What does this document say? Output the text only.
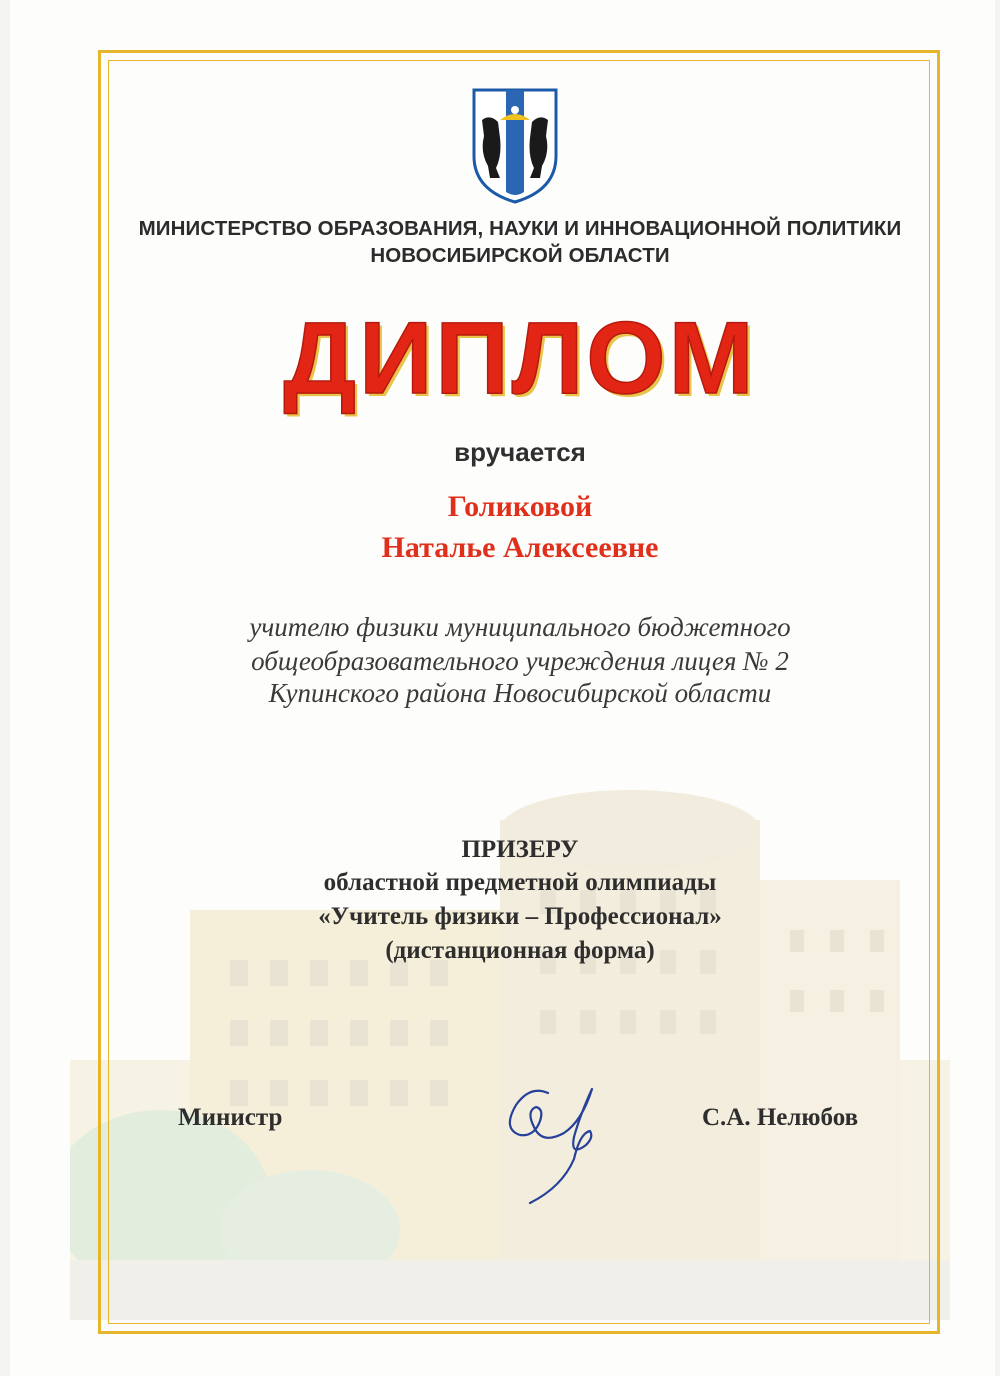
МИНИСТЕРСТВО ОБРАЗОВАНИЯ, НАУКИ И ИННОВАЦИОННОЙ ПОЛИТИКИ
НОВОСИБИРСКОЙ ОБЛАСТИ
ДИПЛОМ
вручается
Голиковой
Наталье Алексеевне
учителю физики муниципального бюджетного
общеобразовательного учреждения лицея № 2
Купинского района Новосибирской области
ПРИЗЕРУ
областной предметной олимпиады
«Учитель физики – Профессионал»
(дистанционная форма)
Министр	С.А. Нелюбов
